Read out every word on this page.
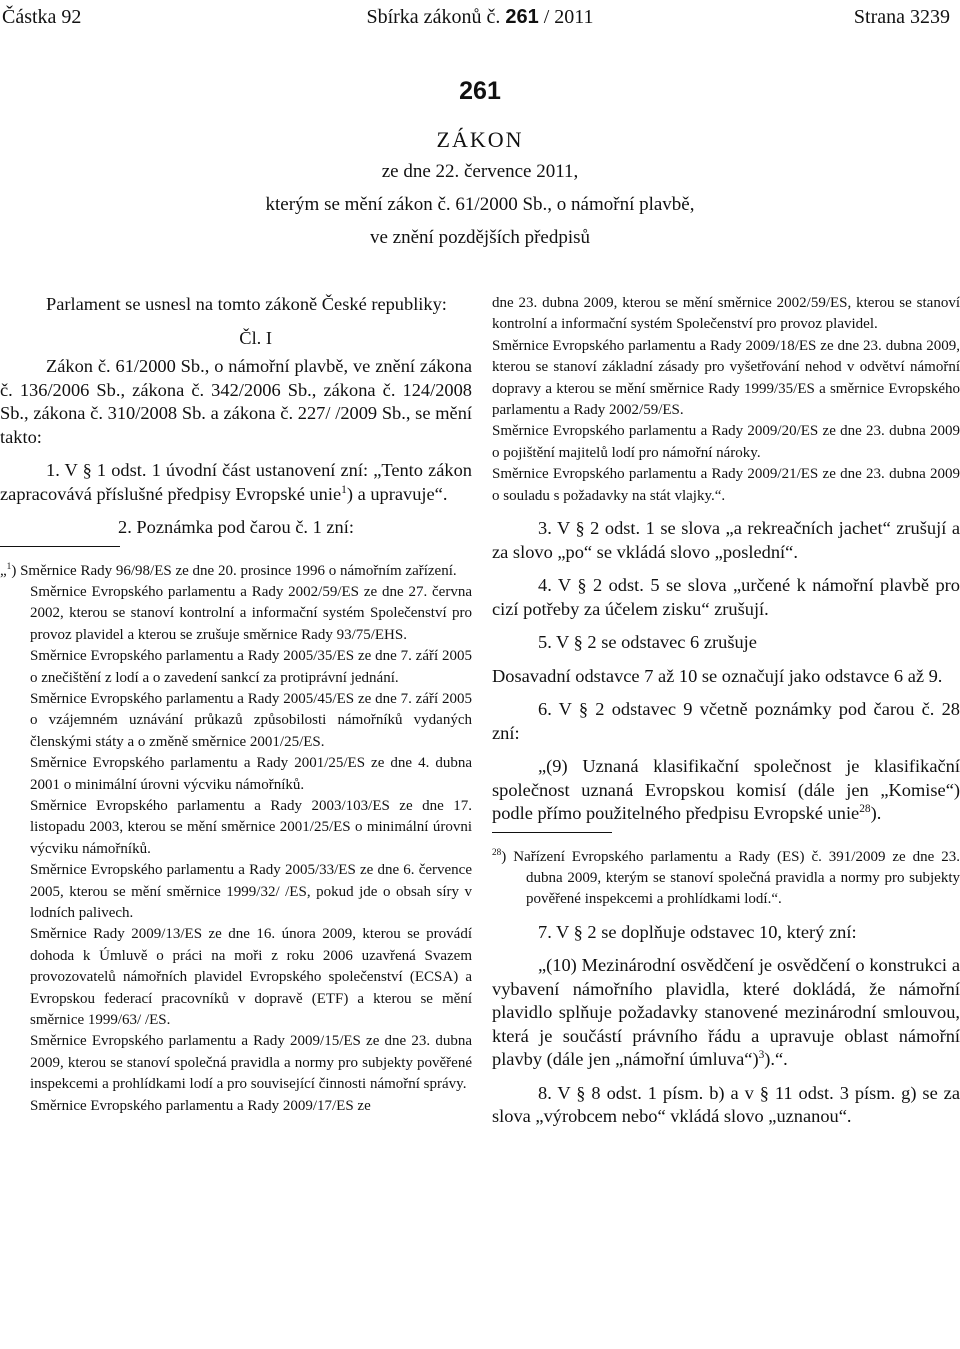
Částka 92	Sbírka zákonů č. 261 / 2011	Strana 3239
261
ZÁKON
ze dne 22. července 2011,
kterým se mění zákon č. 61/2000 Sb., o námořní plavbě,
ve znění pozdějších předpisů

Parlament se usnesl na tomto zákoně České republiky:

Čl. I

Zákon č. 61/2000 Sb., o námořní plavbě, ve znění zákona č. 136/2006 Sb., zákona č. 342/2006 Sb., zákona č. 124/2008 Sb., zákona č. 310/2008 Sb. a zákona č. 227/ /2009 Sb., se mění takto:

1. V § 1 odst. 1 úvodní část ustanovení zní: „Tento zákon zapracovává příslušné předpisy Evropské unie$^1$) a upravuje“.

2. Poznámka pod čarou č. 1 zní:

„$^1$) Směrnice Rady 96/98/ES ze dne 20. prosince 1996 o námořním zařízení.

Směrnice Evropského parlamentu a Rady 2002/59/ES ze dne 27. června 2002, kterou se stanoví kontrolní a informační systém Společenství pro provoz plavidel a kterou se zrušuje směrnice Rady 93/75/EHS.

Směrnice Evropského parlamentu a Rady 2005/35/ES ze dne 7. září 2005 o znečištění z lodí a o zavedení sankcí za protiprávní jednání.

Směrnice Evropského parlamentu a Rady 2005/45/ES ze dne 7. září 2005 o vzájemném uznávání průkazů způsobilosti námořníků vydaných členskými státy a o změně směrnice 2001/25/ES.

Směrnice Evropského parlamentu a Rady 2001/25/ES ze dne 4. dubna 2001 o minimální úrovni výcviku námořníků.

Směrnice Evropského parlamentu a Rady 2003/103/ES ze dne 17. listopadu 2003, kterou se mění směrnice 2001/25/ES o minimální úrovni výcviku námořníků.

Směrnice Evropského parlamentu a Rady 2005/33/ES ze dne 6. července 2005, kterou se mění směrnice 1999/32/ /ES, pokud jde o obsah síry v lodních palivech.

Směrnice Rady 2009/13/ES ze dne 16. února 2009, kterou se provádí dohoda k Úmluvě o práci na moři z roku 2006 uzavřená Svazem provozovatelů námořních plavidel Evropského společenství (ECSA) a Evropskou federací pracovníků v dopravě (ETF) a kterou se mění směrnice 1999/63/ /ES.

Směrnice Evropského parlamentu a Rady 2009/15/ES ze dne 23. dubna 2009, kterou se stanoví společná pravidla a normy pro subjekty pověřené inspekcemi a prohlídkami lodí a pro související činnosti námořní správy.

Směrnice Evropského parlamentu a Rady 2009/17/ES ze

dne 23. dubna 2009, kterou se mění směrnice 2002/59/ES, kterou se stanoví kontrolní a informační systém Společenství pro provoz plavidel.

Směrnice Evropského parlamentu a Rady 2009/18/ES ze dne 23. dubna 2009, kterou se stanoví základní zásady pro vyšetřování nehod v odvětví námořní dopravy a kterou se mění směrnice Rady 1999/35/ES a směrnice Evropského parlamentu a Rady 2002/59/ES.

Směrnice Evropského parlamentu a Rady 2009/20/ES ze dne 23. dubna 2009 o pojištění majitelů lodí pro námořní nároky.

Směrnice Evropského parlamentu a Rady 2009/21/ES ze dne 23. dubna 2009 o souladu s požadavky na stát vlajky.“.

3. V § 2 odst. 1 se slova „a rekreačních jachet“ zrušují a za slovo „po“ se vkládá slovo „poslední“.

4. V § 2 odst. 5 se slova „určené k námořní plavbě pro cizí potřeby za účelem zisku“ zrušují.

5. V § 2 se odstavec 6 zrušuje

Dosavadní odstavce 7 až 10 se označují jako odstavce 6 až 9.

6. V § 2 odstavec 9 včetně poznámky pod čarou č. 28 zní:

„(9) Uznaná klasifikační společnost je klasifikační společnost uznaná Evropskou komisí (dále jen „Komise“) podle přímo použitelného předpisu Evropské unie$^{28}$).

$^{28}$) Nařízení Evropského parlamentu a Rady (ES) č. 391/2009 ze dne 23. dubna 2009, kterým se stanoví společná pravidla a normy pro subjekty pověřené inspekcemi a prohlídkami lodí.“.

7. V § 2 se doplňuje odstavec 10, který zní:

„(10) Mezinárodní osvědčení je osvědčení o konstrukci a vybavení námořního plavidla, které dokládá, že námořní plavidlo splňuje požadavky stanovené mezinárodní smlouvou, která je součástí právního řádu a upravuje oblast námořní plavby (dále jen „námořní úmluva“)$^3$).“.

8. V § 8 odst. 1 písm. b) a v § 11 odst. 3 písm. g) se za slova „výrobcem nebo“ vkládá slovo „uznanou“.
